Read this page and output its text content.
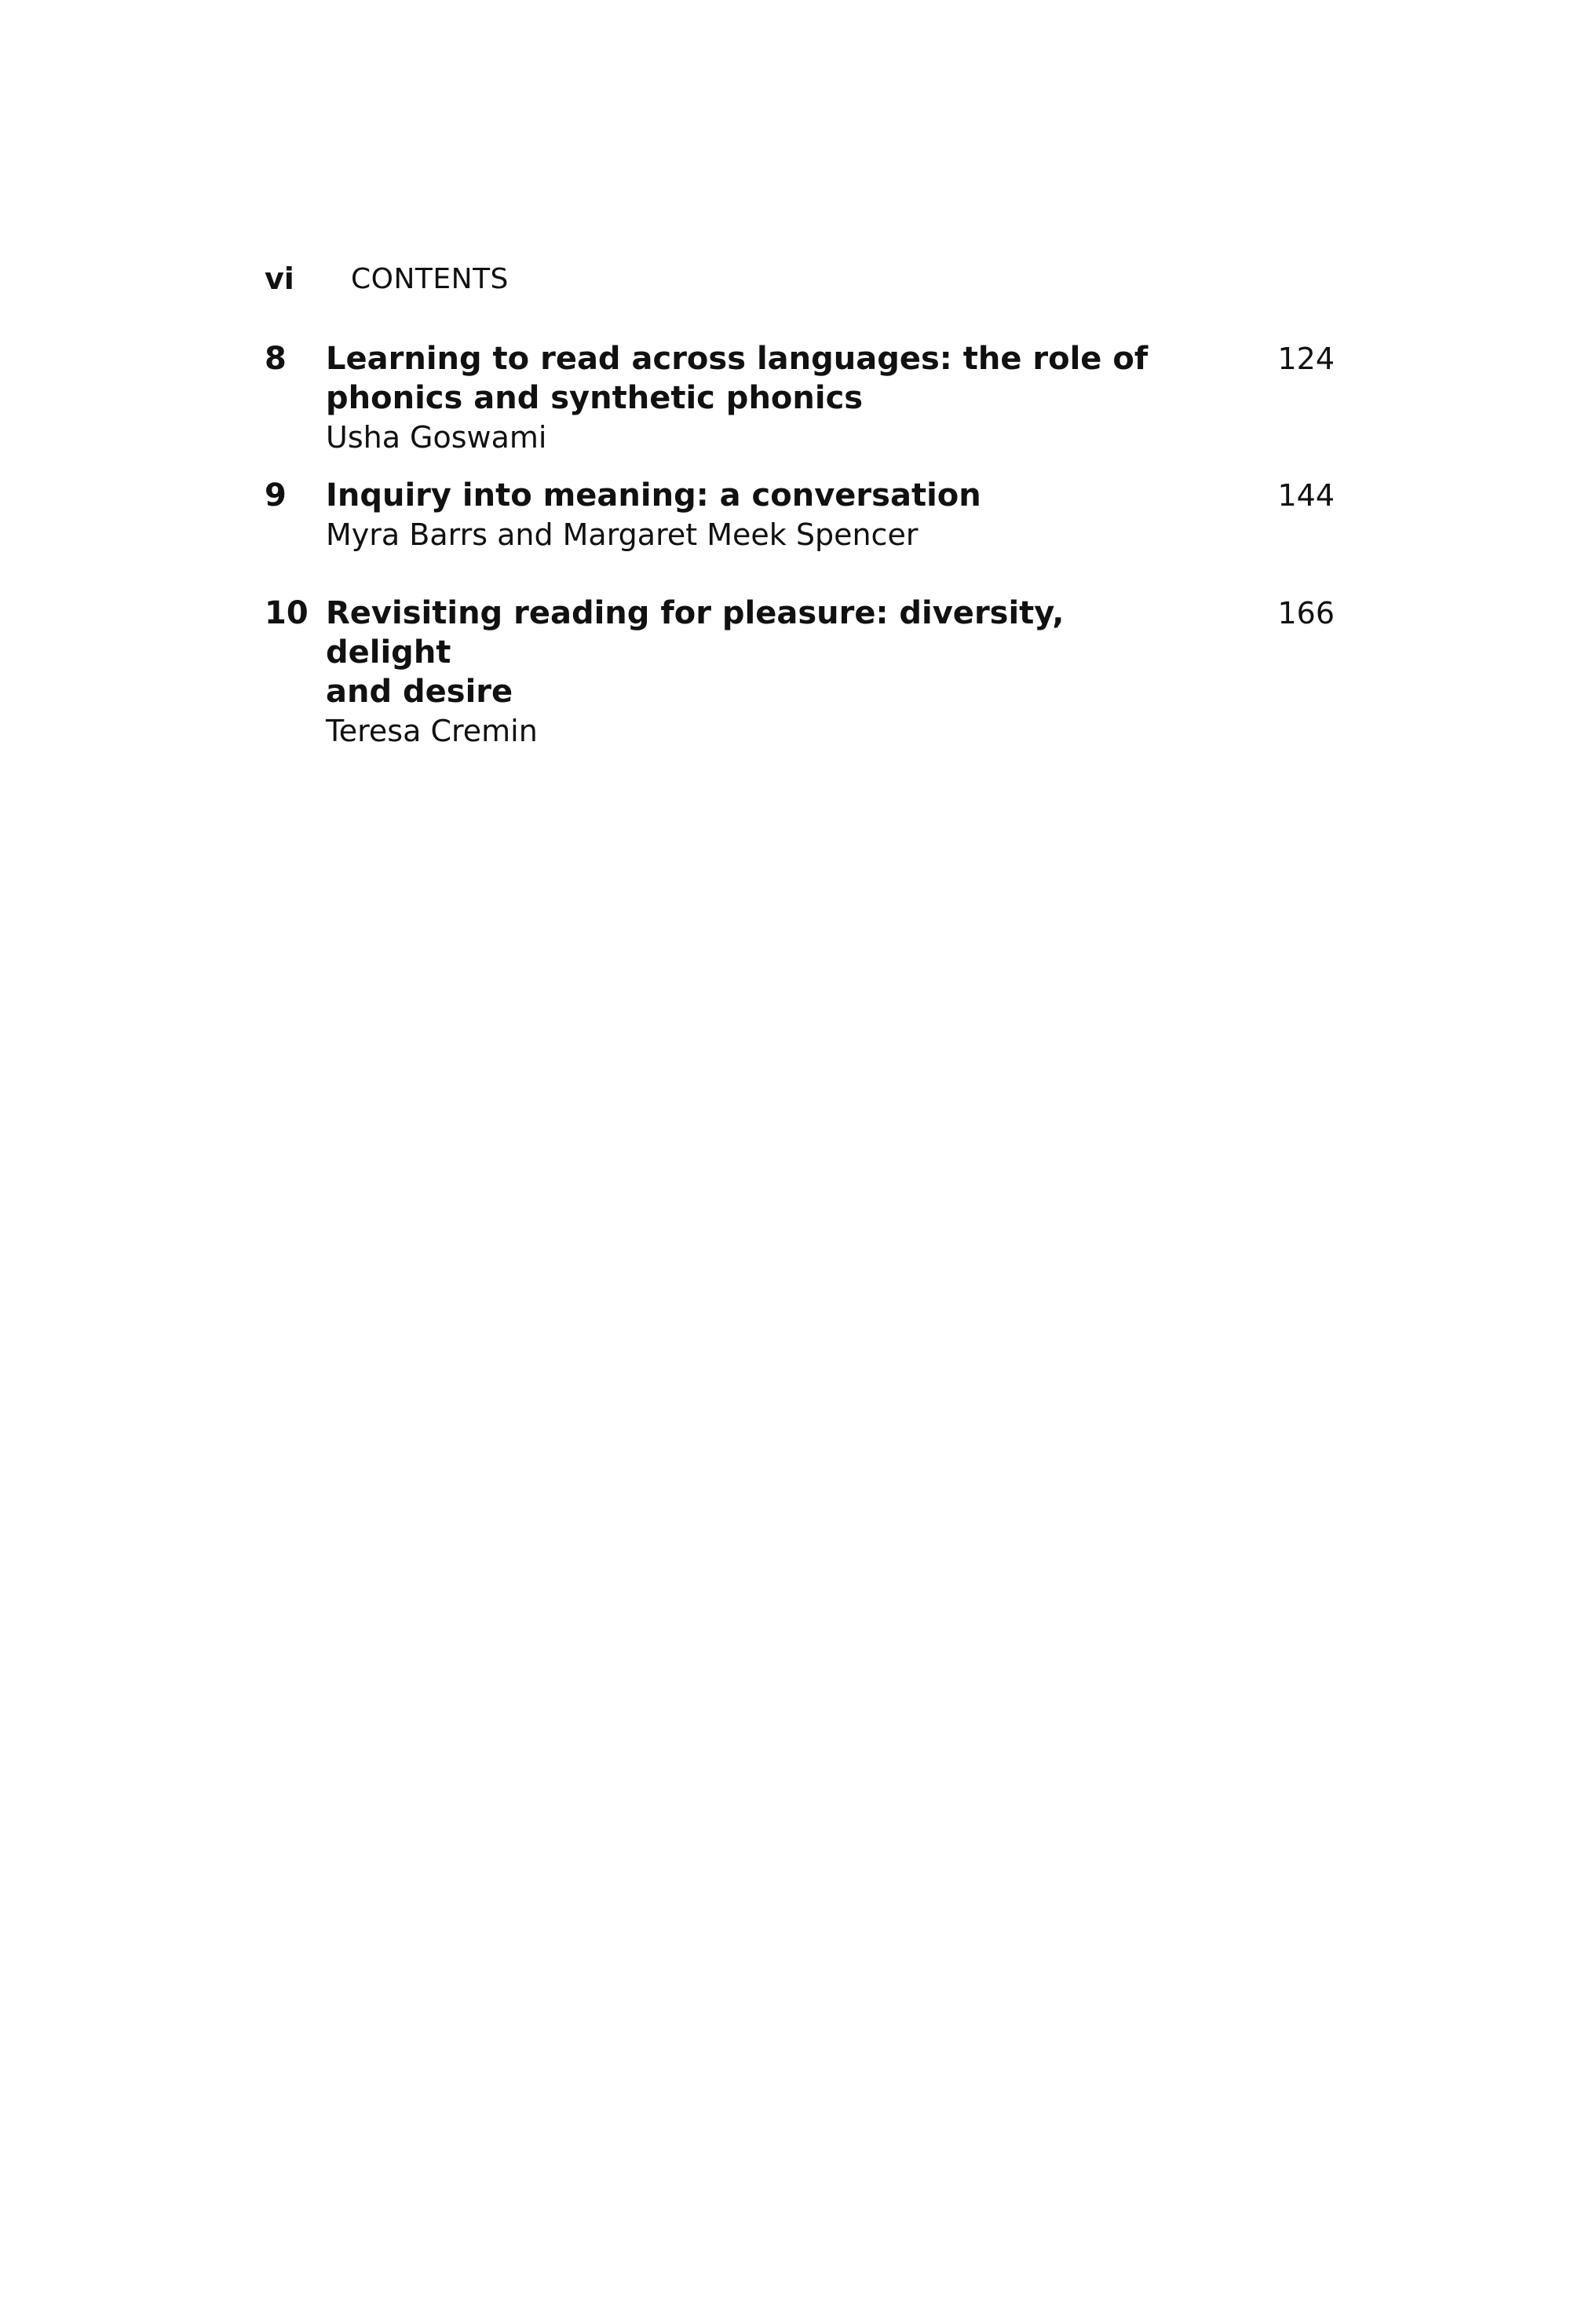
vi	CONTENTS
8 Learning to read across languages: the role of
phonics and synthetic phonics
Usha Goswami
124
9 Inquiry into meaning: a conversation
Myra Barrs and Margaret Meek Spencer
144
10 Revisiting reading for pleasure: diversity, delight
and desire
Teresa Cremin
166
